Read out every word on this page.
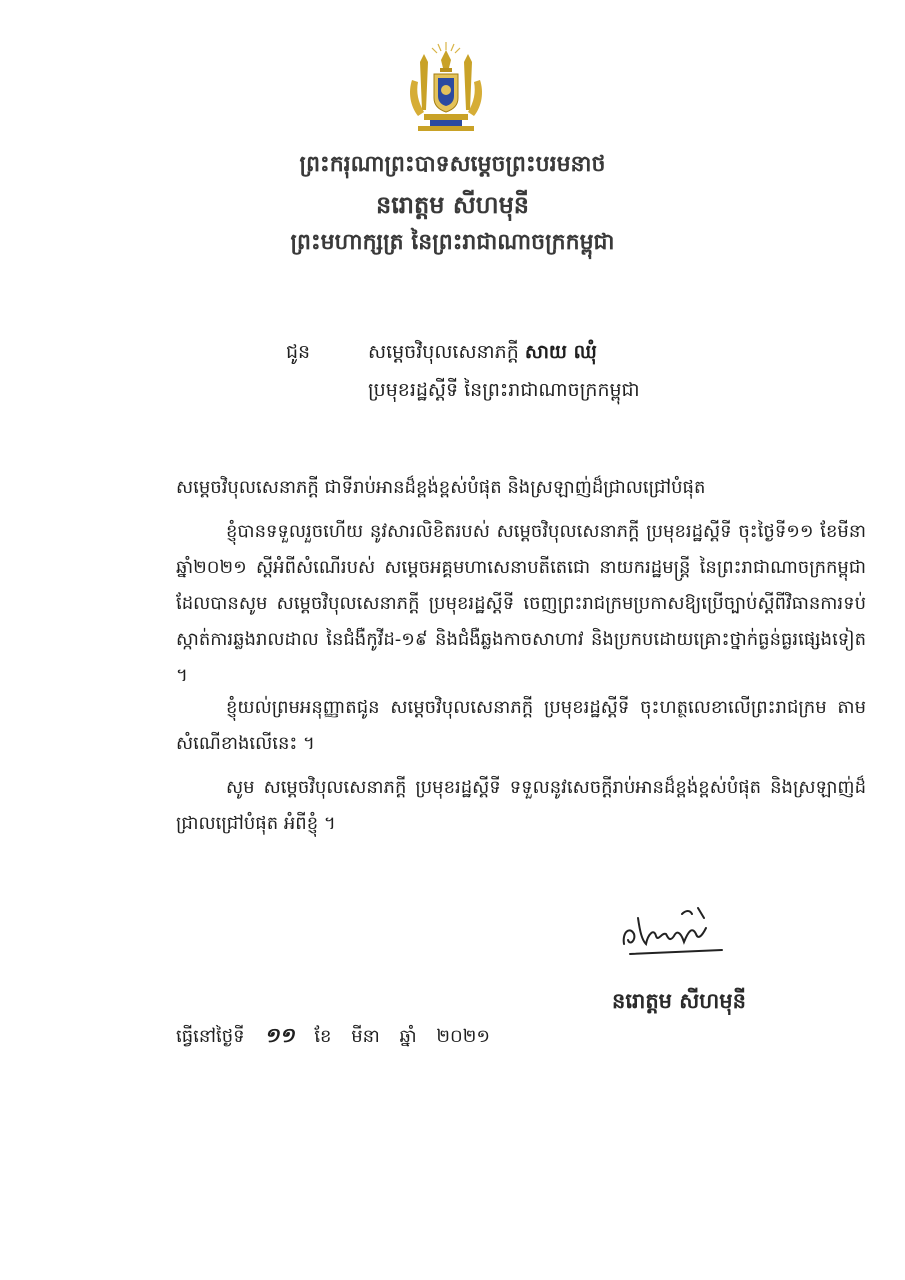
ព្រះករុណាព្រះបាទសម្តេចព្រះបរមនាថ
នរោត្តម សីហមុនី
ព្រះមហាក្សត្រ នៃព្រះរាជាណាចក្រកម្ពុជា
ជូន	សម្តេចវិបុលសេនាភក្តី សាយ ឈុំ
ប្រមុខរដ្ឋស្តីទី នៃព្រះរាជាណាចក្រកម្ពុជា
សម្តេចវិបុលសេនាភក្តី ជាទីរាប់អានដ៏ខ្ពង់ខ្ពស់បំផុត និងស្រឡាញ់ដ៏ជ្រាលជ្រៅបំផុត
ខ្ញុំបានទទួលរួចហើយ នូវសារលិខិតរបស់ សម្តេចវិបុលសេនាភក្តី ប្រមុខរដ្ឋស្តីទី ចុះថ្ងៃទី១១ ខែមីនា ឆ្នាំ២០២១ ស្តីអំពីសំណើរបស់ សម្តេចអគ្គមហាសេនាបតីតេជោ នាយករដ្ឋមន្ត្រី នៃព្រះរាជាណាចក្រកម្ពុជា ដែលបានសូម សម្តេចវិបុលសេនាភក្តី ប្រមុខរដ្ឋស្តីទី ចេញព្រះរាជក្រមប្រកាសឱ្យប្រើច្បាប់ស្តីពីវិធានការទប់ស្កាត់ការឆ្លងរាលដាល នៃជំងឺកូវីដ-១៩ និងជំងឺឆ្លងកាចសាហាវ និងប្រកបដោយគ្រោះថ្នាក់ធ្ងន់ធ្ងរផ្សេងទៀត ។
ខ្ញុំយល់ព្រមអនុញ្ញាតជូន សម្តេចវិបុលសេនាភក្តី ប្រមុខរដ្ឋស្តីទី ចុះហត្ថលេខាលើព្រះរាជក្រម តាមសំណើខាងលើនេះ ។
សូម សម្តេចវិបុលសេនាភក្តី ប្រមុខរដ្ឋស្តីទី ទទួលនូវសេចក្តីរាប់អានដ៏ខ្ពង់ខ្ពស់បំផុត និងស្រឡាញ់ដ៏ជ្រាលជ្រៅបំផុត អំពីខ្ញុំ ។
នរោត្តម សីហមុនី
ធ្វើនៅថ្ងៃទី ១១ ខែ មីនា ឆ្នាំ ២០២១
